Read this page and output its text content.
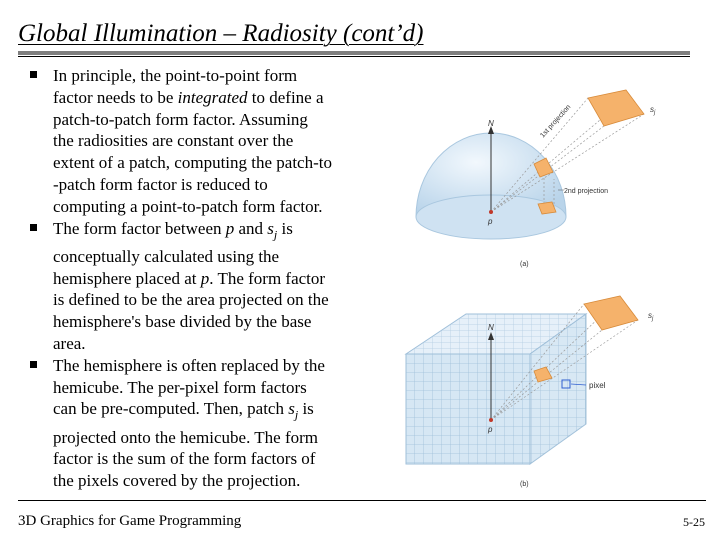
Global Illumination – Radiosity (cont’d)
In principle, the point-to-point form
factor needs to be integrated to define a
patch-to-patch form factor. Assuming
the radiosities are constant over the
extent of a patch, computing the patch-to
-patch form factor is reduced to
computing a point-to-patch form factor.
The form factor between p and $s_j$ is
conceptually calculated using the
hemisphere placed at p. The form factor
is defined to be the area projected on the
hemisphere's base divided by the base
area.
The hemisphere is often replaced by the
hemicube. The per-pixel form factors
can be pre-computed. Then, patch $s_j$ is
projected onto the hemicube. The form
factor is the sum of the form factors of
the pixels covered by the projection.
N
$s_j$
p
1st projection
2nd projection
(a)
N
$s_j$
p
pixel
(b)
3D Graphics for Game Programming	5-25
